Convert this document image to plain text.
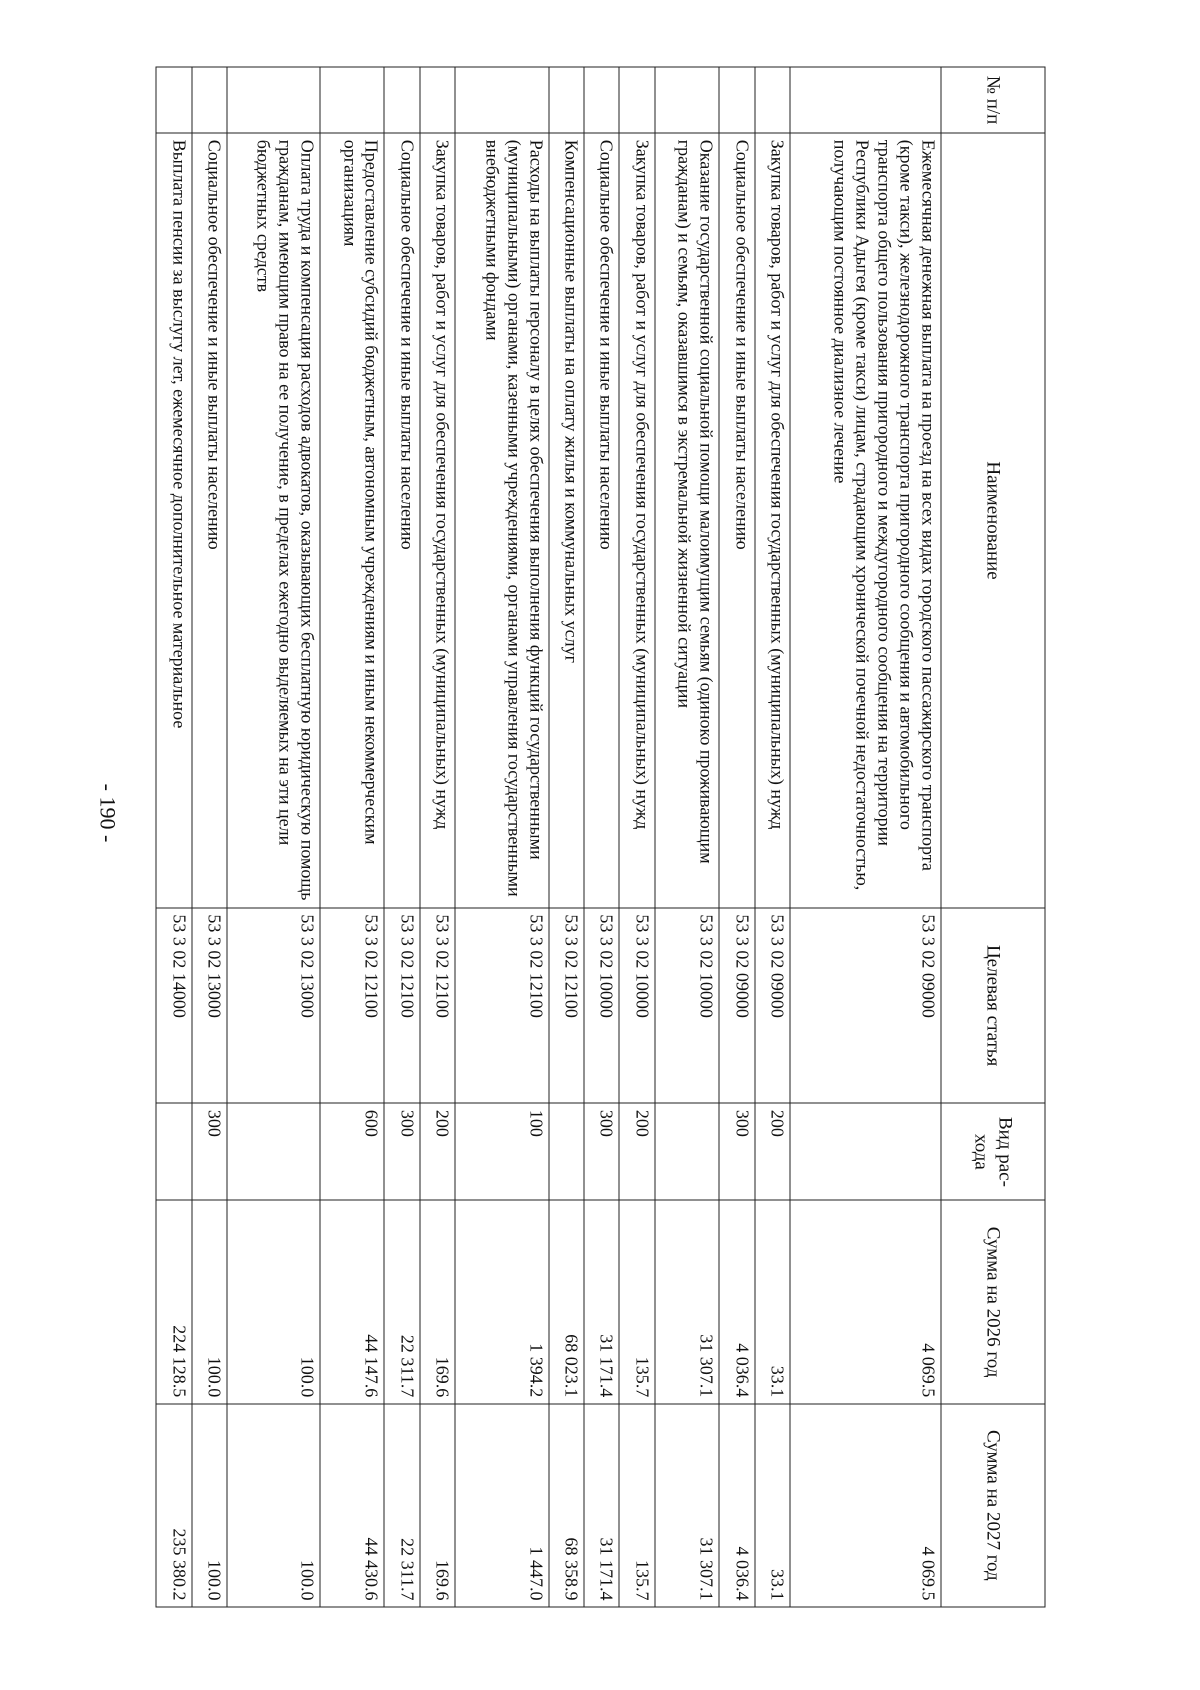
- 190 -
№ п/п	Наименование	Целевая статья	Вид рас-хода	Сумма на 2026 год	Сумма на 2027 год
	Ежемесячная денежная выплата на проезд на всех видах городского пассажирского транспорта (кроме такси), железнодорожного транспорта пригородного сообщения и автомобильного транспорта общего пользования пригородного и междугородного сообщения на территории Республики Адыгея (кроме такси) лицам, страдающим хронической почечной недостаточностью, получающим постоянное диализное лечение	53 3 02 09000		4 069.5	4 069.5
	Закупка товаров, работ и услуг для обеспечения государственных (муниципальных) нужд	53 3 02 09000	200	33.1	33.1
	Социальное обеспечение и иные выплаты населению	53 3 02 09000	300	4 036.4	4 036.4
	Оказание государственной социальной помощи малоимущим семьям (одиноко проживающим гражданам) и семьям, оказавшимся в экстремальной жизненной ситуации	53 3 02 10000		31 307.1	31 307.1
	Закупка товаров, работ и услуг для обеспечения государственных (муниципальных) нужд	53 3 02 10000	200	135.7	135.7
	Социальное обеспечение и иные выплаты населению	53 3 02 10000	300	31 171.4	31 171.4
	Компенсационные выплаты на оплату жилья и коммунальных услуг	53 3 02 12100		68 023.1	68 358.9
	Расходы на выплаты персоналу в целях обеспечения выполнения функций государственными (муниципальными) органами, казенными учреждениями, органами управления государственными внебюджетными фондами	53 3 02 12100	100	1 394.2	1 447.0
	Закупка товаров, работ и услуг для обеспечения государственных (муниципальных) нужд	53 3 02 12100	200	169.6	169.6
	Социальное обеспечение и иные выплаты населению	53 3 02 12100	300	22 311.7	22 311.7
	Предоставление субсидий бюджетным, автономным учреждениям и иным некоммерческим организациям	53 3 02 12100	600	44 147.6	44 430.6
	Оплата труда и компенсация расходов адвокатов, оказывающих бесплатную юридическую помощь гражданам, имеющим право на ее получение, в пределах ежегодно выделяемых на эти цели бюджетных средств	53 3 02 13000		100.0	100.0
	Социальное обеспечение и иные выплаты населению	53 3 02 13000	300	100.0	100.0
	Выплата пенсии за выслугу лет, ежемесячное дополнительное материальное	53 3 02 14000		224 128.5	235 380.2
